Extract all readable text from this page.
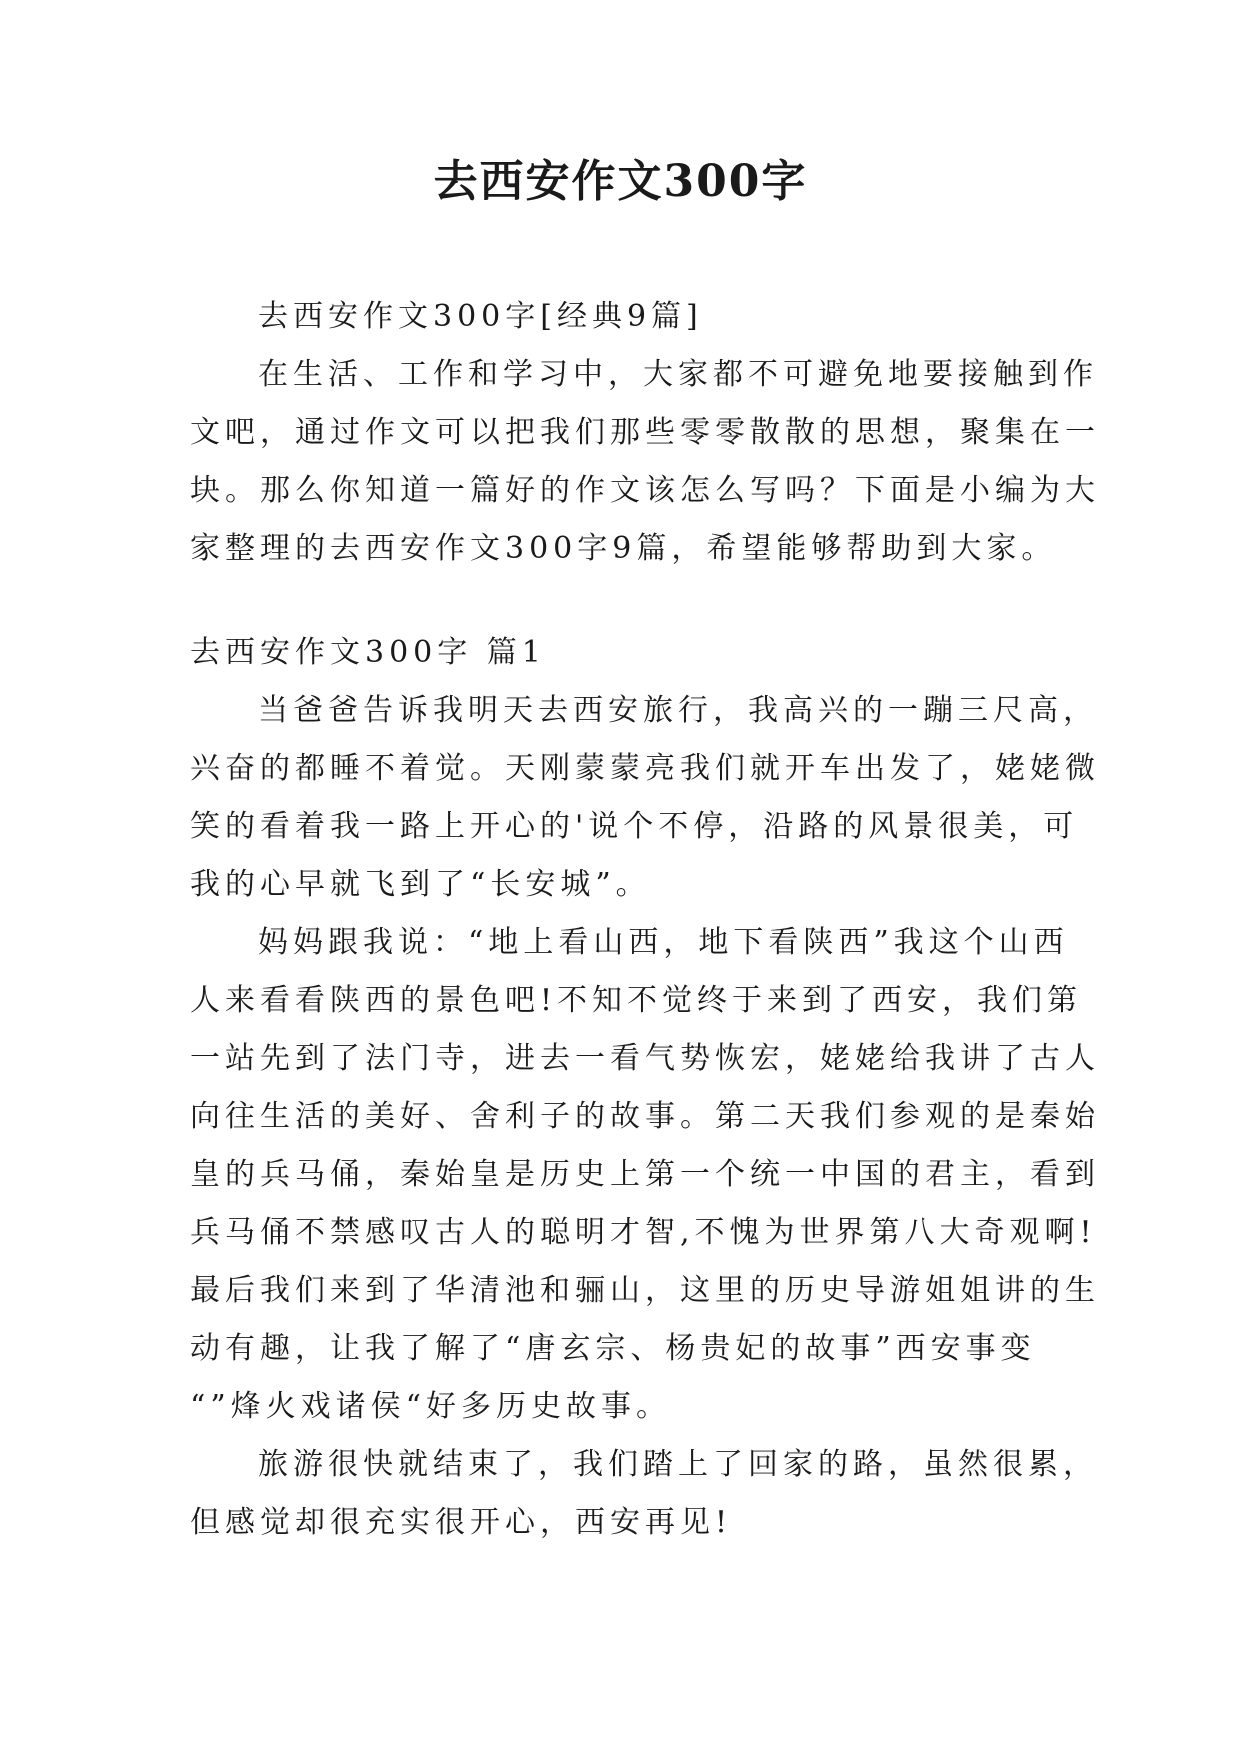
去西安作文300字

去西安作文300字[经典9篇]

在生活、工作和学习中，大家都不可避免地要接触到作

文吧，通过作文可以把我们那些零零散散的思想，聚集在一

块。那么你知道一篇好的作文该怎么写吗？下面是小编为大

家整理的去西安作文300字9篇，希望能够帮助到大家。

去西安作文300字 篇1

当爸爸告诉我明天去西安旅行，我高兴的一蹦三尺高，

兴奋的都睡不着觉。天刚蒙蒙亮我们就开车出发了，姥姥微

笑的看着我一路上开心的'说个不停，沿路的风景很美，可

我的心早就飞到了“长安城”。

妈妈跟我说：“地上看山西，地下看陕西”我这个山西

人来看看陕西的景色吧!不知不觉终于来到了西安，我们第

一站先到了法门寺，进去一看气势恢宏，姥姥给我讲了古人

向往生活的美好、舍利子的故事。第二天我们参观的是秦始

皇的兵马俑，秦始皇是历史上第一个统一中国的君主，看到

兵马俑不禁感叹古人的聪明才智,不愧为世界第八大奇观啊!

最后我们来到了华清池和骊山，这里的历史导游姐姐讲的生

动有趣，让我了解了“唐玄宗、杨贵妃的故事”西安事变

“”烽火戏诸侯“好多历史故事。

旅游很快就结束了，我们踏上了回家的路，虽然很累，

但感觉却很充实很开心，西安再见!
